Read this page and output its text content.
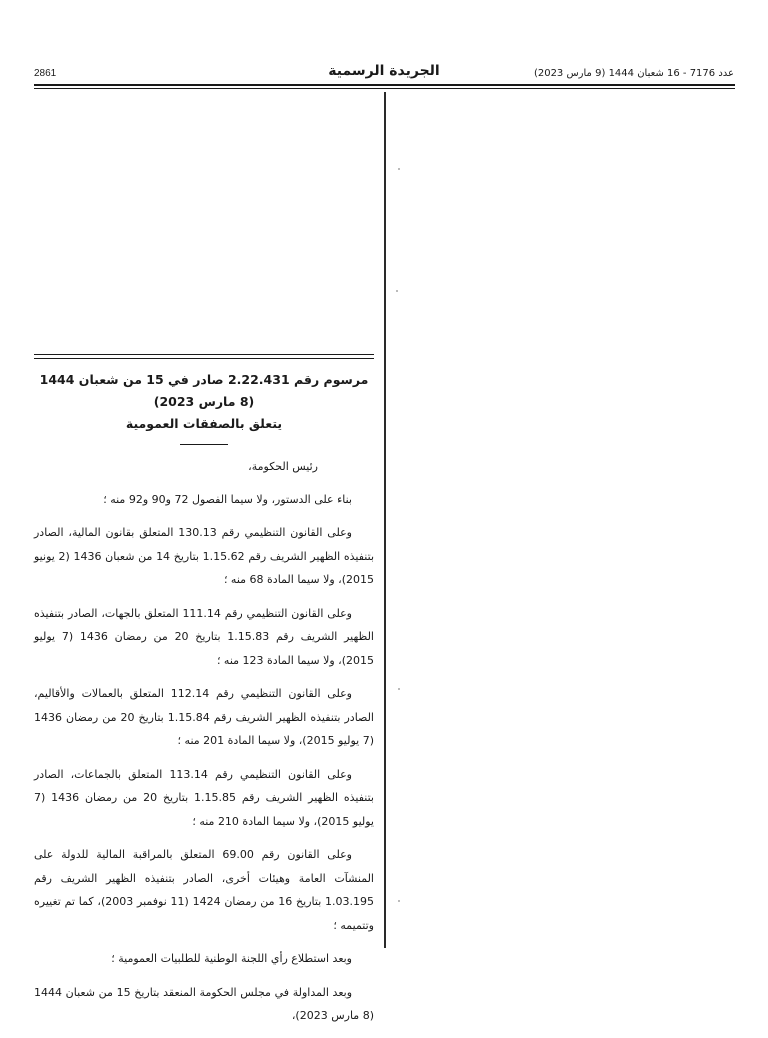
2861	الجريدة الرسمية	عدد 7176 - 16 شعبان 1444 (9 مارس 2023)
مرسوم رقم 2.22.431 صادر في 15 من شعبان 1444 (8 مارس 2023)
يتعلق بالصفقات العمومية

رئيس الحكومة،

بناء على الدستور، ولا سيما الفصول 72 و90 و92 منه ؛

وعلى القانون التنظيمي رقم 130.13 المتعلق بقانون المالية، الصادر بتنفيذه الظهير الشريف رقم 1.15.62 بتاريخ 14 من شعبان 1436 (2 يونيو 2015)، ولا سيما المادة 68 منه ؛

وعلى القانون التنظيمي رقم 111.14 المتعلق بالجهات، الصادر بتنفيذه الظهير الشريف رقم 1.15.83 بتاريخ 20 من رمضان 1436 (7 يوليو 2015)، ولا سيما المادة 123 منه ؛

وعلى القانون التنظيمي رقم 112.14 المتعلق بالعمالات والأقاليم، الصادر بتنفيذه الظهير الشريف رقم 1.15.84 بتاريخ 20 من رمضان 1436 (7 يوليو 2015)، ولا سيما المادة 201 منه ؛

وعلى القانون التنظيمي رقم 113.14 المتعلق بالجماعات، الصادر بتنفيذه الظهير الشريف رقم 1.15.85 بتاريخ 20 من رمضان 1436 (7 يوليو 2015)، ولا سيما المادة 210 منه ؛

وعلى القانون رقم 69.00 المتعلق بالمراقبة المالية للدولة على المنشآت العامة وهيئات أخرى، الصادر بتنفيذه الظهير الشريف رقم 1.03.195 بتاريخ 16 من رمضان 1424 (11 نوفمبر 2003)، كما تم تغييره وتتميمه ؛

وبعد استطلاع رأي اللجنة الوطنية للطلبيات العمومية ؛

وبعد المداولة في مجلس الحكومة المنعقد بتاريخ 15 من شعبان 1444 (8 مارس 2023)،
